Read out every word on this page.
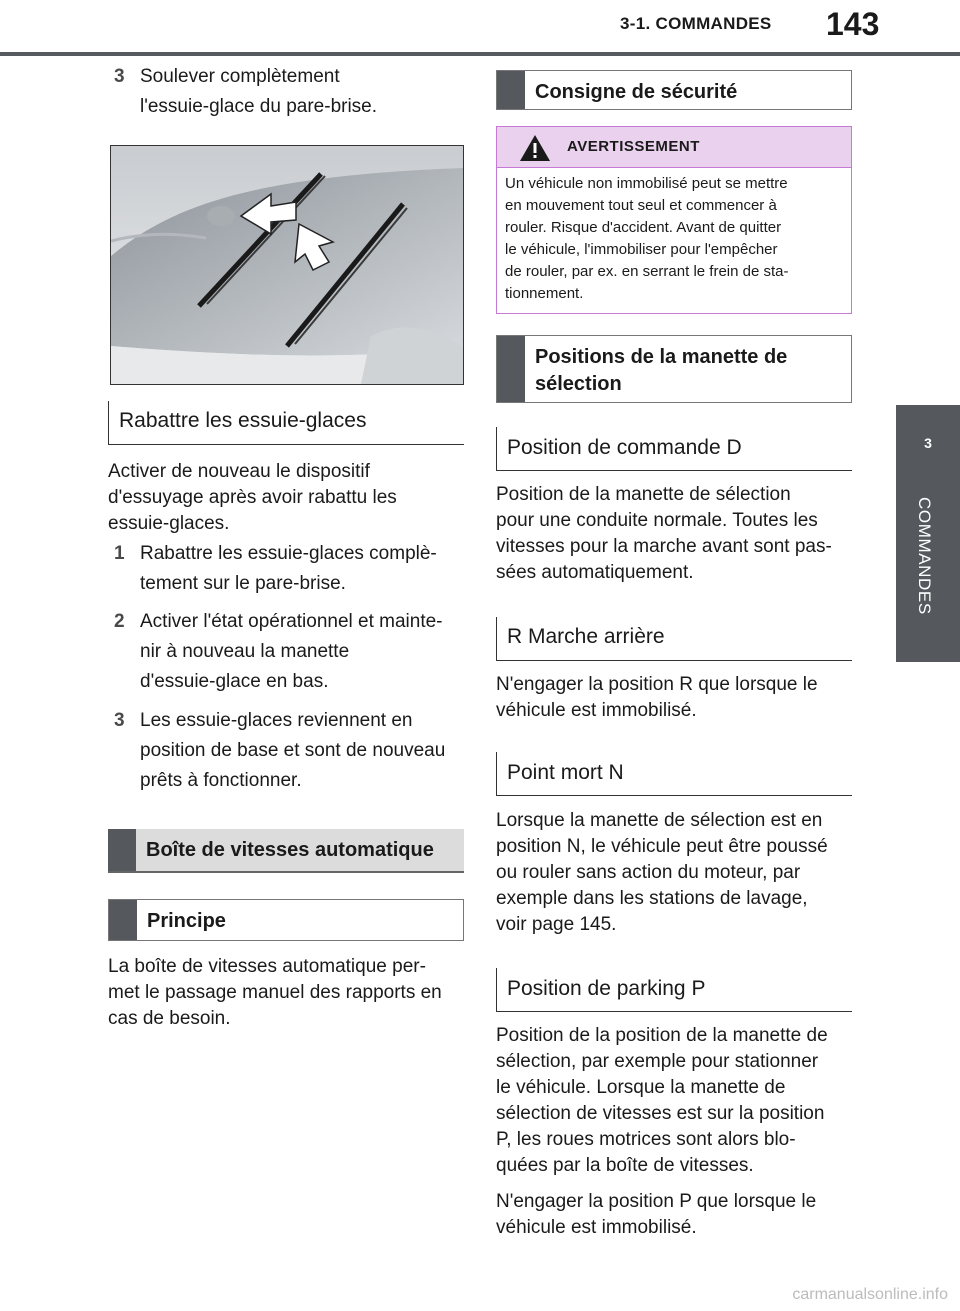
3-1. COMMANDES 143
3
COMMANDES
3 Soulever complètement
l'essuie-glace du pare-brise.
Rabattre les essuie-glaces
Activer de nouveau le dispositif
d'essuyage après avoir rabattu les
essuie-glaces.
1 Rabattre les essuie-glaces complè-
tement sur le pare-brise.
2 Activer l'état opérationnel et mainte-
nir à nouveau la manette
d'essuie-glace en bas.
3 Les essuie-glaces reviennent en
position de base et sont de nouveau
prêts à fonctionner.
Boîte de vitesses automatique
Principe
La boîte de vitesses automatique per-
met le passage manuel des rapports en
cas de besoin.
Consigne de sécurité
AVERTISSEMENT
Un véhicule non immobilisé peut se mettre
en mouvement tout seul et commencer à
rouler. Risque d'accident. Avant de quitter
le véhicule, l'immobiliser pour l'empêcher
de rouler, par ex. en serrant le frein de sta-
tionnement.
Positions de la manette de sélection
Position de commande D
Position de la manette de sélection
pour une conduite normale. Toutes les
vitesses pour la marche avant sont pas-
sées automatiquement.
R Marche arrière
N'engager la position R que lorsque le
véhicule est immobilisé.
Point mort N
Lorsque la manette de sélection est en
position N, le véhicule peut être poussé
ou rouler sans action du moteur, par
exemple dans les stations de lavage,
voir page 145.
Position de parking P
Position de la position de la manette de
sélection, par exemple pour stationner
le véhicule. Lorsque la manette de
sélection de vitesses est sur la position
P, les roues motrices sont alors blo-
quées par la boîte de vitesses.
N'engager la position P que lorsque le
véhicule est immobilisé.
carmanualsonline.info
